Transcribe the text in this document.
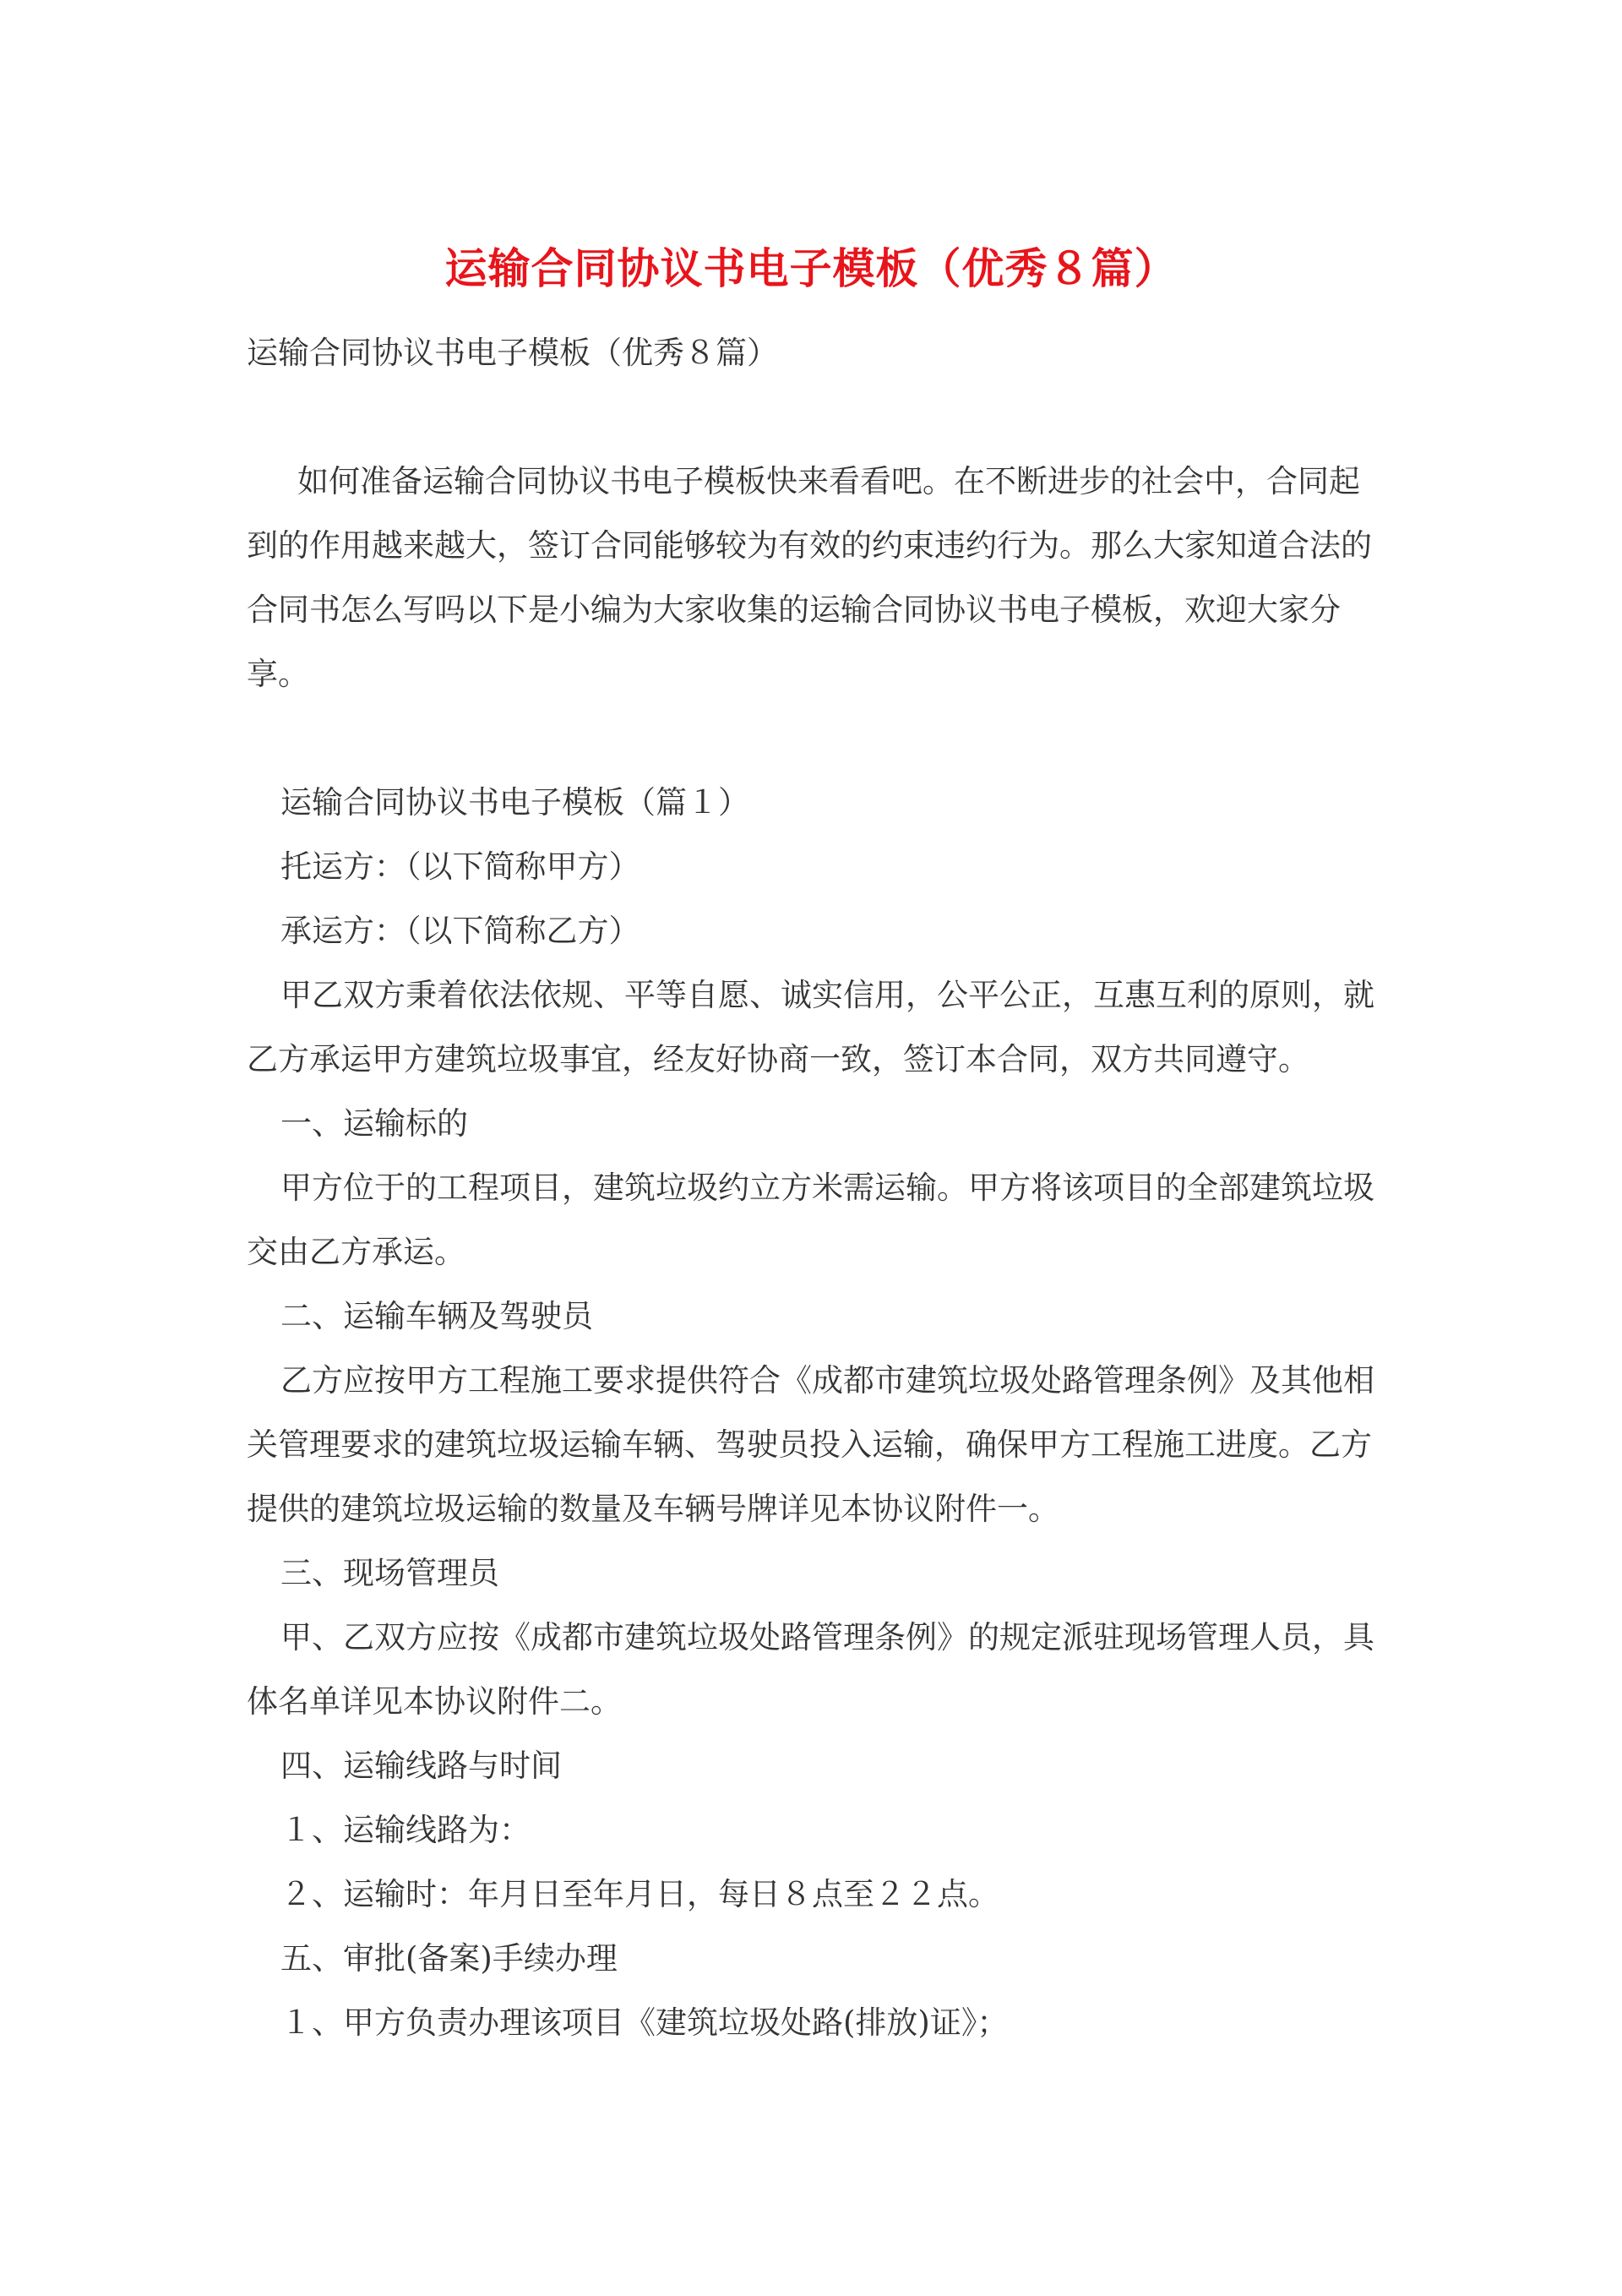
运输合同协议书电子模板（优秀８篇）
运输合同协议书电子模板（优秀８篇）

如何准备运输合同协议书电子模板快来看看吧。在不断进步的社会中，合同起到的作用越来越大，签订合同能够较为有效的约束违约行为。那么大家知道合法的合同书怎么写吗以下是小编为大家收集的运输合同协议书电子模板，欢迎大家分享。

运输合同协议书电子模板（篇１）

托运方：（以下简称甲方）

承运方：（以下简称乙方）

甲乙双方秉着依法依规、平等自愿、诚实信用，公平公正，互惠互利的原则，就乙方承运甲方建筑垃圾事宜，经友好协商一致，签订本合同，双方共同遵守。

一、运输标的

甲方位于的工程项目，建筑垃圾约立方米需运输。甲方将该项目的全部建筑垃圾交由乙方承运。

二、运输车辆及驾驶员

乙方应按甲方工程施工要求提供符合《成都市建筑垃圾处路管理条例》及其他相关管理要求的建筑垃圾运输车辆、驾驶员投入运输，确保甲方工程施工进度。乙方提供的建筑垃圾运输的数量及车辆号牌详见本协议附件一。

三、现场管理员

甲、乙双方应按《成都市建筑垃圾处路管理条例》的规定派驻现场管理人员，具体名单详见本协议附件二。

四、运输线路与时间

１、运输线路为：

２、运输时：年月日至年月日，每日８点至２２点。

五、审批(备案)手续办理

１、甲方负责办理该项目《建筑垃圾处路(排放)证》；
